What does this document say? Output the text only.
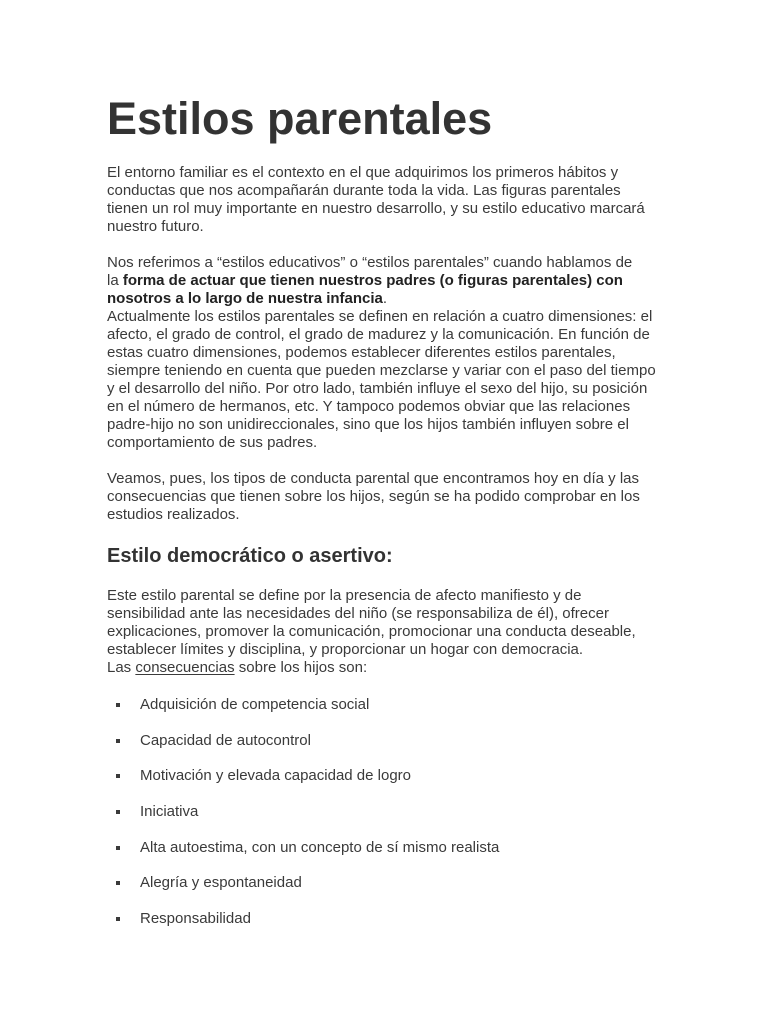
Estilos parentales

El entorno familiar es el contexto en el que adquirimos los primeros hábitos y
conductas que nos acompañarán durante toda la vida. Las figuras parentales
tienen un rol muy importante en nuestro desarrollo, y su estilo educativo marcará
nuestro futuro.

Nos referimos a “estilos educativos” o “estilos parentales” cuando hablamos de
la forma de actuar que tienen nuestros padres (o figuras parentales) con
nosotros a lo largo de nuestra infancia.
Actualmente los estilos parentales se definen en relación a cuatro dimensiones: el
afecto, el grado de control, el grado de madurez y la comunicación. En función de
estas cuatro dimensiones, podemos establecer diferentes estilos parentales,
siempre teniendo en cuenta que pueden mezclarse y variar con el paso del tiempo
y el desarrollo del niño. Por otro lado, también influye el sexo del hijo, su posición
en el número de hermanos, etc. Y tampoco podemos obviar que las relaciones
padre-hijo no son unidireccionales, sino que los hijos también influyen sobre el
comportamiento de sus padres.

Veamos, pues, los tipos de conducta parental que encontramos hoy en día y las
consecuencias que tienen sobre los hijos, según se ha podido comprobar en los
estudios realizados.

Estilo democrático o asertivo:

Este estilo parental se define por la presencia de afecto manifiesto y de
sensibilidad ante las necesidades del niño (se responsabiliza de él), ofrecer
explicaciones, promover la comunicación, promocionar una conducta deseable,
establecer límites y disciplina, y proporcionar un hogar con democracia.
Las consecuencias sobre los hijos son:

Adquisición de competencia social
Capacidad de autocontrol
Motivación y elevada capacidad de logro
Iniciativa
Alta autoestima, con un concepto de sí mismo realista
Alegría y espontaneidad
Responsabilidad
